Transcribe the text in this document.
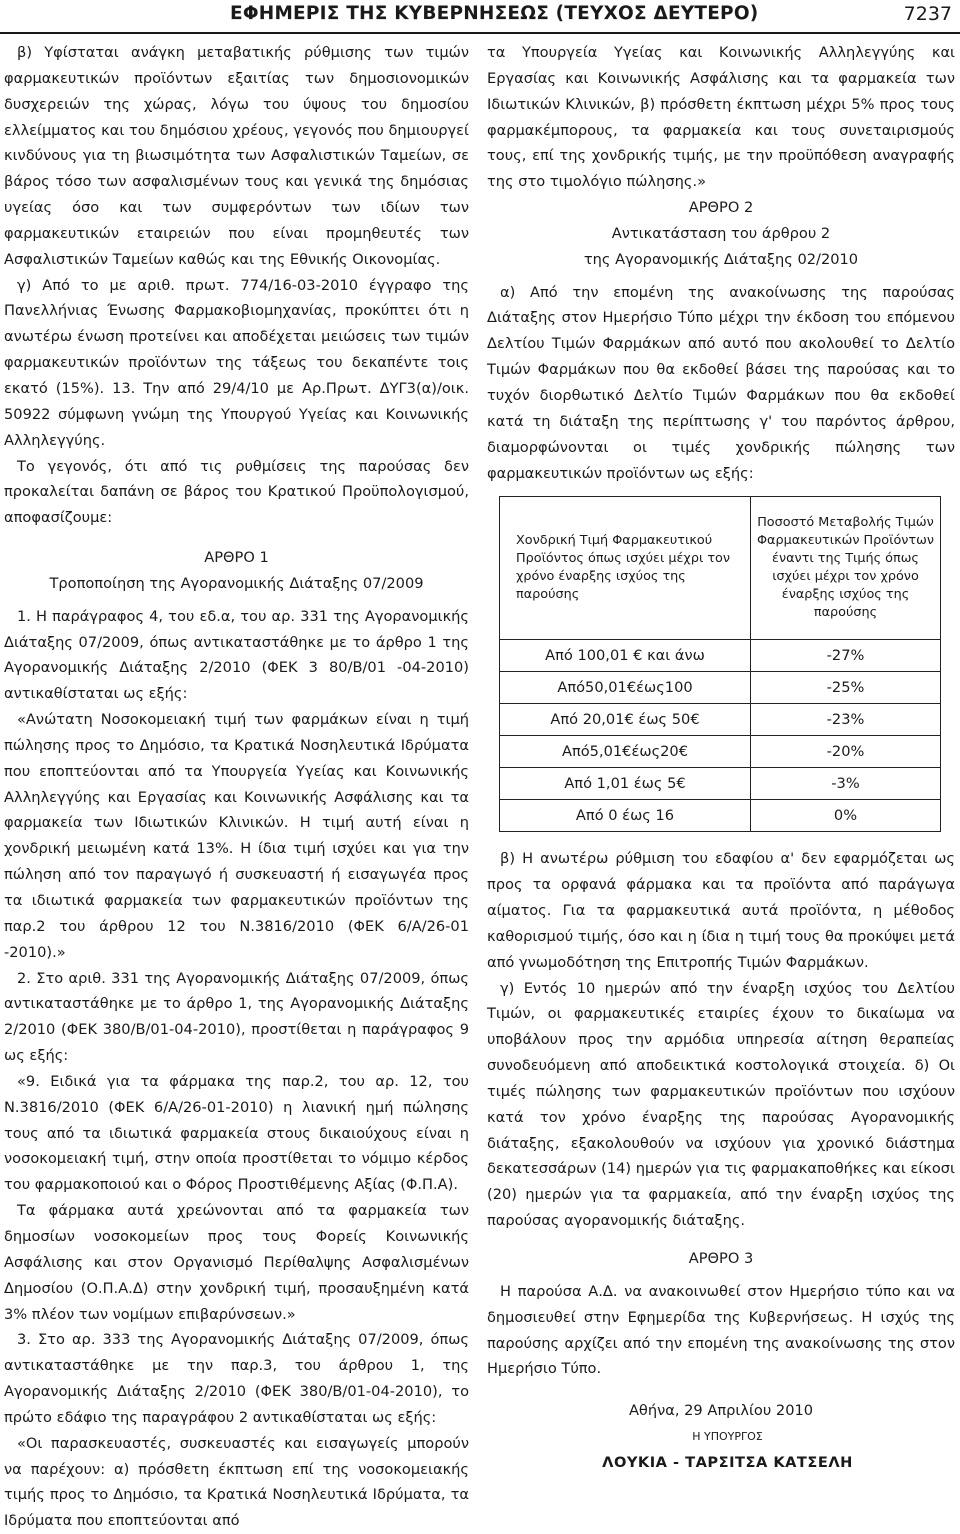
ΕΦΗΜΕΡΙΣ ΤΗΣ ΚΥΒΕΡΝΗΣΕΩΣ (ΤΕΥΧΟΣ ΔΕΥΤΕΡΟ)	7237

β) Υφίσταται ανάγκη μεταβατικής ρύθμισης των τιμών φαρμακευτικών προϊόντων εξαιτίας των δημοσιονομικών δυσχερειών της χώρας, λόγω του ύψους του δημοσίου ελλείμματος και του δημόσιου χρέους, γεγονός που δημιουργεί κινδύνους για τη βιωσιμότητα των Ασφαλιστικών Ταμείων, σε βάρος τόσο των ασφαλισμένων τους και γενικά της δημόσιας υγείας όσο και των συμφερόντων των ιδίων των φαρμακευτικών εταιρειών που είναι προμηθευτές των Ασφαλιστικών Ταμείων καθώς και της Εθνικής Οικονομίας.

γ) Από το με αριθ. πρωτ. 774/16-03-2010 έγγραφο της Πανελλήνιας Ένωσης Φαρμακοβιομηχανίας, προκύπτει ότι η ανωτέρω ένωση προτείνει και αποδέχεται μειώσεις των τιμών φαρμακευτικών προϊόντων της τάξεως του δεκαπέντε τοις εκατό (15%). 13. Την από 29/4/10 με Αρ.Πρωτ. ΔΥΓ3(α)/οικ. 50922 σύμφωνη γνώμη της Υπουργού Υγείας και Κοινωνικής Αλληλεγγύης.

Το γεγονός, ότι από τις ρυθμίσεις της παρούσας δεν προκαλείται δαπάνη σε βάρος του Κρατικού Προϋπολογισμού, αποφασίζουμε:

ΑΡΘΡΟ 1

Τροποποίηση της Αγορανομικής Διάταξης 07/2009

1. Η παράγραφος 4, του εδ.α, του αρ. 331 της Αγορανομικής Διάταξης 07/2009, όπως αντικαταστάθηκε με το άρθρο 1 της Αγορανομικής Διάταξης 2/2010 (ΦΕΚ 3 80/Β/01 -04-2010) αντικαθίσταται ως εξής:

«Ανώτατη Νοσοκομειακή τιμή των φαρμάκων είναι η τιμή πώλησης προς το Δημόσιο, τα Κρατικά Νοσηλευτικά Ιδρύματα που εποπτεύονται από τα Υπουργεία Υγείας και Κοινωνικής Αλληλεγγύης και Εργασίας και Κοινωνικής Ασφάλισης και τα φαρμακεία των Ιδιωτικών Κλινικών. Η τιμή αυτή είναι η χονδρική μειωμένη κατά 13%. Η ίδια τιμή ισχύει και για την πώληση από τον παραγωγό ή συσκευαστή ή εισαγωγέα προς τα ιδιωτικά φαρμακεία των φαρμακευτικών προϊόντων της παρ.2 του άρθρου 12 του Ν.3816/2010 (ΦΕΚ 6/Α/26-01 -2010).»

2. Στο αριθ. 331 της Αγορανομικής Διάταξης 07/2009, όπως αντικαταστάθηκε με το άρθρο 1, της Αγορανομικής Διάταξης 2/2010 (ΦΕΚ 380/Β/01-04-2010), προστίθεται η παράγραφος 9 ως εξής:

«9. Ειδικά για τα φάρμακα της παρ.2, του αρ. 12, του Ν.3816/2010 (ΦΕΚ 6/Α/26-01-2010) η λιανική ημή πώλησης τους από τα ιδιωτικά φαρμακεία στους δικαιούχους είναι η νοσοκομειακή τιμή, στην οποία προστίθεται το νόμιμο κέρδος του φαρμακοποιού και ο Φόρος Προστιθέμενης Αξίας (Φ.Π.Α).

Τα φάρμακα αυτά χρεώνονται από τα φαρμακεία των δημοσίων νοσοκομείων προς τους Φορείς Κοινωνικής Ασφάλισης και στον Οργανισμό Περίθαλψης Ασφαλισμένων Δημοσίου (Ο.Π.Α.Δ) στην χονδρική τιμή, προσαυξημένη κατά 3% πλέον των νομίμων επιβαρύνσεων.»

3. Στο αρ. 333 της Αγορανομικής Διάταξης 07/2009, όπως αντικαταστάθηκε με την παρ.3, του άρθρου 1, της Αγορανομικής Διάταξης 2/2010 (ΦΕΚ 380/Β/01-04-2010), το πρώτο εδάφιο της παραγράφου 2 αντικαθίσταται ως εξής:

«Οι παρασκευαστές, συσκευαστές και εισαγωγείς μπορούν να παρέχουν: α) πρόσθετη έκπτωση επί της νοσοκομειακής τιμής προς το Δημόσιο, τα Κρατικά Νοσηλευτικά Ιδρύματα, τα Ιδρύματα που εποπτεύονται από

τα Υπουργεία Υγείας και Κοινωνικής Αλληλεγγύης και Εργασίας και Κοινωνικής Ασφάλισης και τα φαρμακεία των Ιδιωτικών Κλινικών, β) πρόσθετη έκπτωση μέχρι 5% προς τους φαρμακέμπορους, τα φαρμακεία και τους συνεταιρισμούς τους, επί της χονδρικής τιμής, με την προϋπόθεση αναγραφής της στο τιμολόγιο πώλησης.»

ΑΡΘΡΟ 2

Αντικατάσταση του άρθρου 2

της Αγορανομικής Διάταξης 02/2010

α) Από την επομένη της ανακοίνωσης της παρούσας Διάταξης στον Ημερήσιο Τύπο μέχρι την έκδοση του επόμενου Δελτίου Τιμών Φαρμάκων από αυτό που ακολουθεί το Δελτίο Τιμών Φαρμάκων που θα εκδοθεί βάσει της παρούσας και το τυχόν διορθωτικό Δελτίο Τιμών Φαρμάκων που θα εκδοθεί κατά τη διάταξη της περίπτωσης γ' του παρόντος άρθρου, διαμορφώνονται οι τιμές χονδρικής πώλησης των φαρμακευτικών προϊόντων ως εξής:

Χονδρική Τιμή Φαρμακευτικού Προϊόντος όπως ισχύει μέχρι τον χρόνο έναρξης ισχύος της παρούσης	Ποσοστό Μεταβολής Τιμών Φαρμακευτικών Προϊόντων έναντι της Τιμής όπως ισχύει μέχρι τον χρόνο έναρξης ισχύος της παρούσης
Από 100,01 € και άνω	-27%
Από50,01€έως100	-25%
Από 20,01€ έως 50€	-23%
Από5,01€έως20€	-20%
Από 1,01 έως 5€	-3%
Από 0 έως 16	0%

β) Η ανωτέρω ρύθμιση του εδαφίου α' δεν εφαρμόζεται ως προς τα ορφανά φάρμακα και τα προϊόντα από παράγωγα αίματος. Για τα φαρμακευτικά αυτά προϊόντα, η μέθοδος καθορισμού τιμής, όσο και η ίδια η τιμή τους θα προκύψει μετά από γνωμοδότηση της Επιτροπής Τιμών Φαρμάκων.

γ) Εντός 10 ημερών από την έναρξη ισχύος του Δελτίου Τιμών, οι φαρμακευτικές εταιρίες έχουν το δικαίωμα να υποβάλουν προς την αρμόδια υπηρεσία αίτηση θεραπείας συνοδευόμενη από αποδεικτικά κοστολογικά στοιχεία. δ) Οι τιμές πώλησης των φαρμακευτικών προϊόντων που ισχύουν κατά τον χρόνο έναρξης της παρούσας Αγορανομικής διάταξης, εξακολουθούν να ισχύουν για χρονικό διάστημα δεκατεσσάρων (14) ημερών για τις φαρμακαποθήκες και είκοσι (20) ημερών για τα φαρμακεία, από την έναρξη ισχύος της παρούσας αγορανομικής διάταξης.

ΑΡΘΡΟ 3

Η παρούσα Α.Δ. να ανακοινωθεί στον Ημερήσιο τύπο και να δημοσιευθεί στην Εφημερίδα της Κυβερνήσεως. Η ισχύς της παρούσης αρχίζει από την επομένη της ανακοίνωσης της στον Ημερήσιο Τύπο.

Αθήνα, 29 Απριλίου 2010

Η ΥΠΟΥΡΓΟΣ

ΛΟΥΚΙΑ - ΤΑΡΣΙΤΣΑ ΚΑΤΣΕΛΗ
